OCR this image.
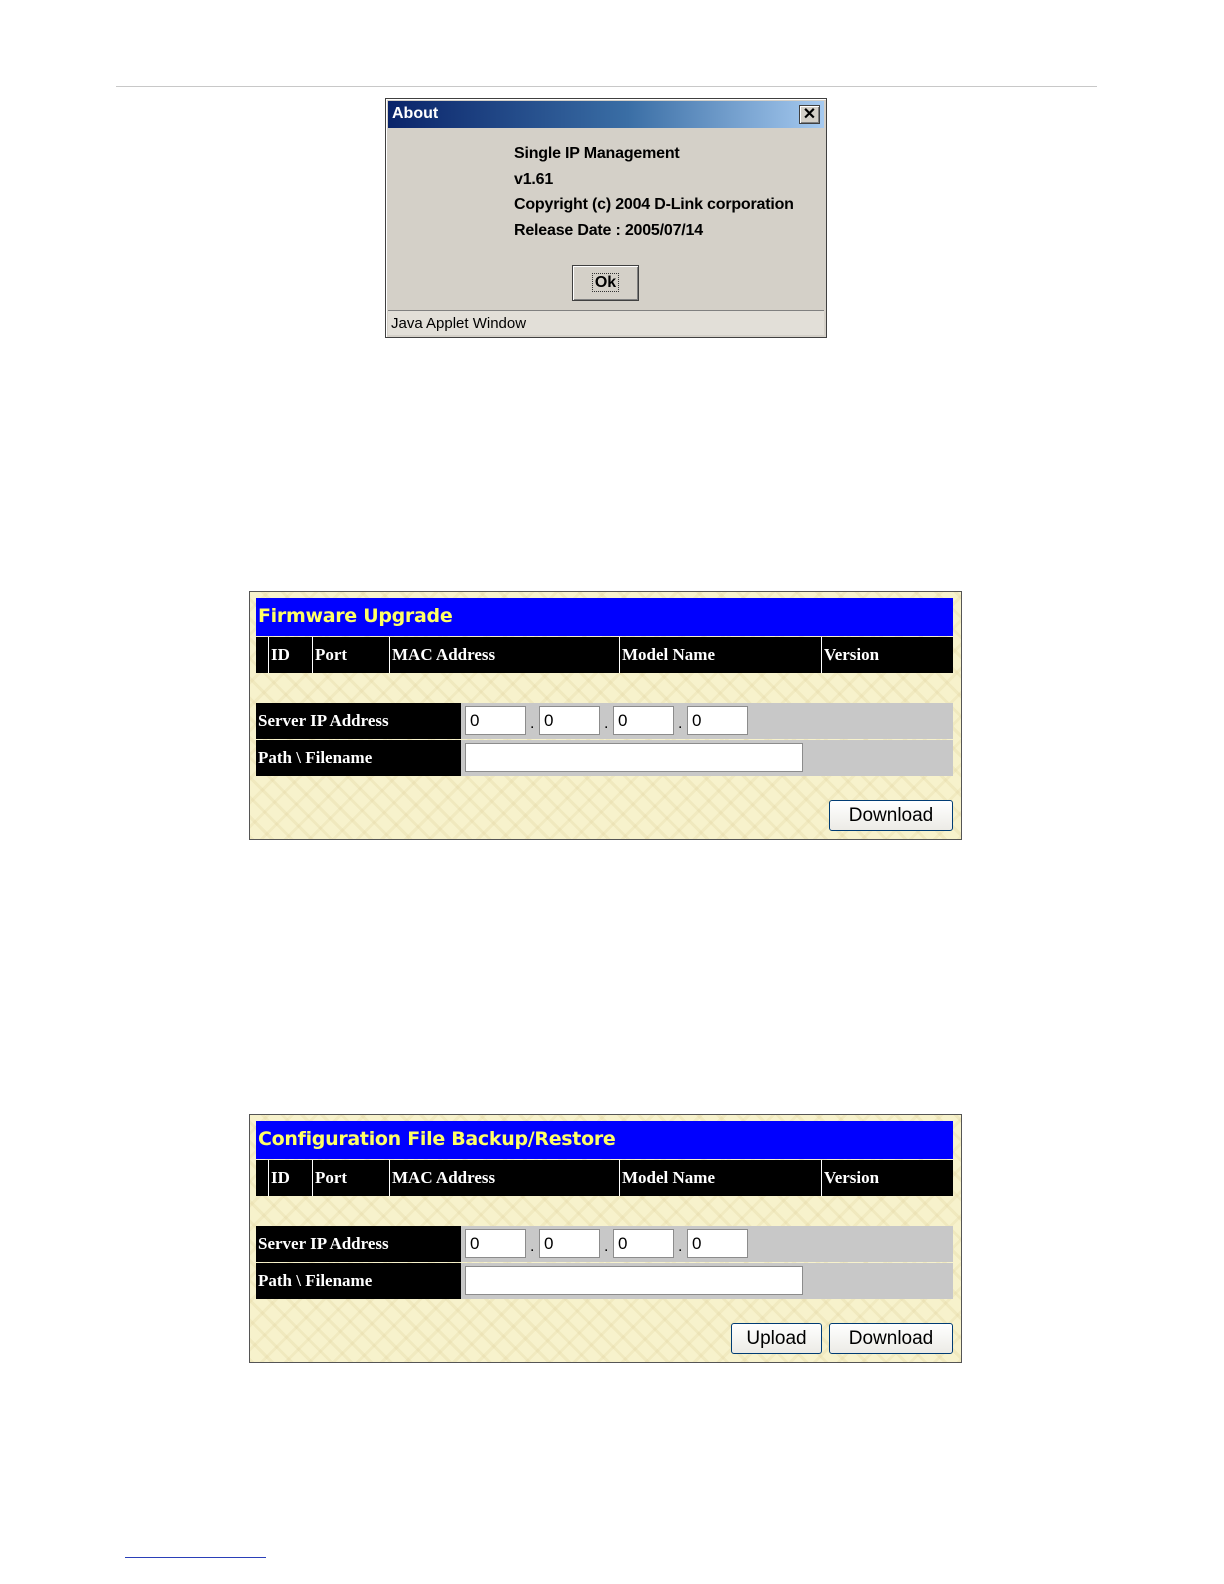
About	✕
Single IP Management
v1.61
Copyright (c) 2004 D-Link corporation
Release Date : 2005/07/14
Ok
Java Applet Window
Firmware Upgrade
ID	Port	MAC Address	Model Name	Version
Server IP Address	0	. 0	. 0	. 0
Path \ Filename
Download
Configuration File Backup/Restore
ID	Port	MAC Address	Model Name	Version
Server IP Address	0	. 0	. 0	. 0
Path \ Filename
Upload	Download
